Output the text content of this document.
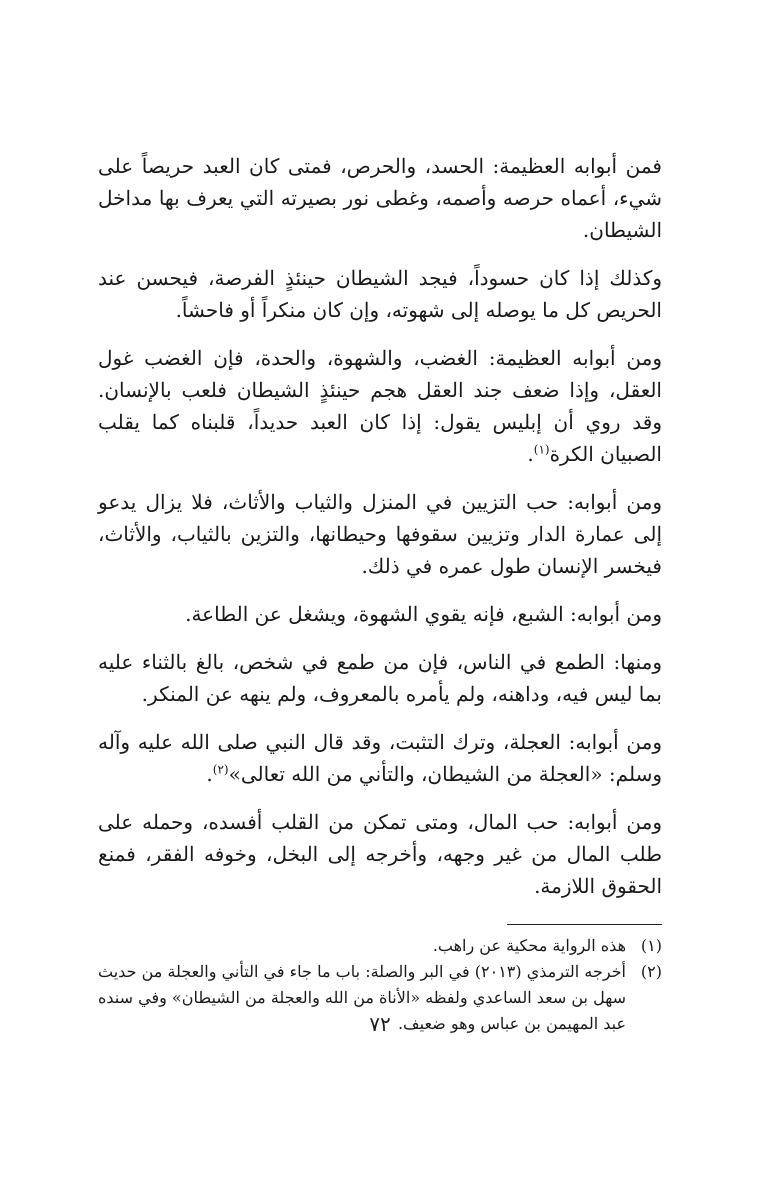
فمن أبوابه العظيمة: الحسد، والحرص، فمتى كان العبد حريصاً على شيء، أعماه حرصه وأصمه، وغطى نور بصيرته التي يعرف بها مداخل الشيطان.

وكذلك إذا كان حسوداً، فيجد الشيطان حينئذٍ الفرصة، فيحسن عند الحريص كل ما يوصله إلى شهوته، وإن كان منكراً أو فاحشاً.

ومن أبوابه العظيمة: الغضب، والشهوة، والحدة، فإن الغضب غول العقل، وإذا ضعف جند العقل هجم حينئذٍ الشيطان فلعب بالإنسان. وقد روي أن إبليس يقول: إذا كان العبد حديداً، قلبناه كما يقلب الصبيان الكرة$^{(١)}$.

ومن أبوابه: حب التزيين في المنزل والثياب والأثاث، فلا يزال يدعو إلى عمارة الدار وتزيين سقوفها وحيطانها، والتزين بالثياب، والأثاث، فيخسر الإنسان طول عمره في ذلك.

ومن أبوابه: الشبع، فإنه يقوي الشهوة، ويشغل عن الطاعة.

ومنها: الطمع في الناس، فإن من طمع في شخص، بالغ بالثناء عليه بما ليس فيه، وداهنه، ولم يأمره بالمعروف، ولم ينهه عن المنكر.

ومن أبوابه: العجلة، وترك التثبت، وقد قال النبي صلى الله عليه وآله وسلم: «العجلة من الشيطان، والتأني من الله تعالى»$^{(٢)}$.

ومن أبوابه: حب المال، ومتى تمكن من القلب أفسده، وحمله على طلب المال من غير وجهه، وأخرجه إلى البخل، وخوفه الفقر، فمنع الحقوق اللازمة.

(١)
هذه الرواية محكية عن راهب.

(٢)
أخرجه الترمذي (٢٠١٣) في البر والصلة: باب ما جاء في التأني والعجلة من حديث سهل بن سعد الساعدي ولفظه «الأناة من الله والعجلة من الشيطان» وفي سنده عبد المهيمن بن عباس وهو ضعيف.

٧٢
